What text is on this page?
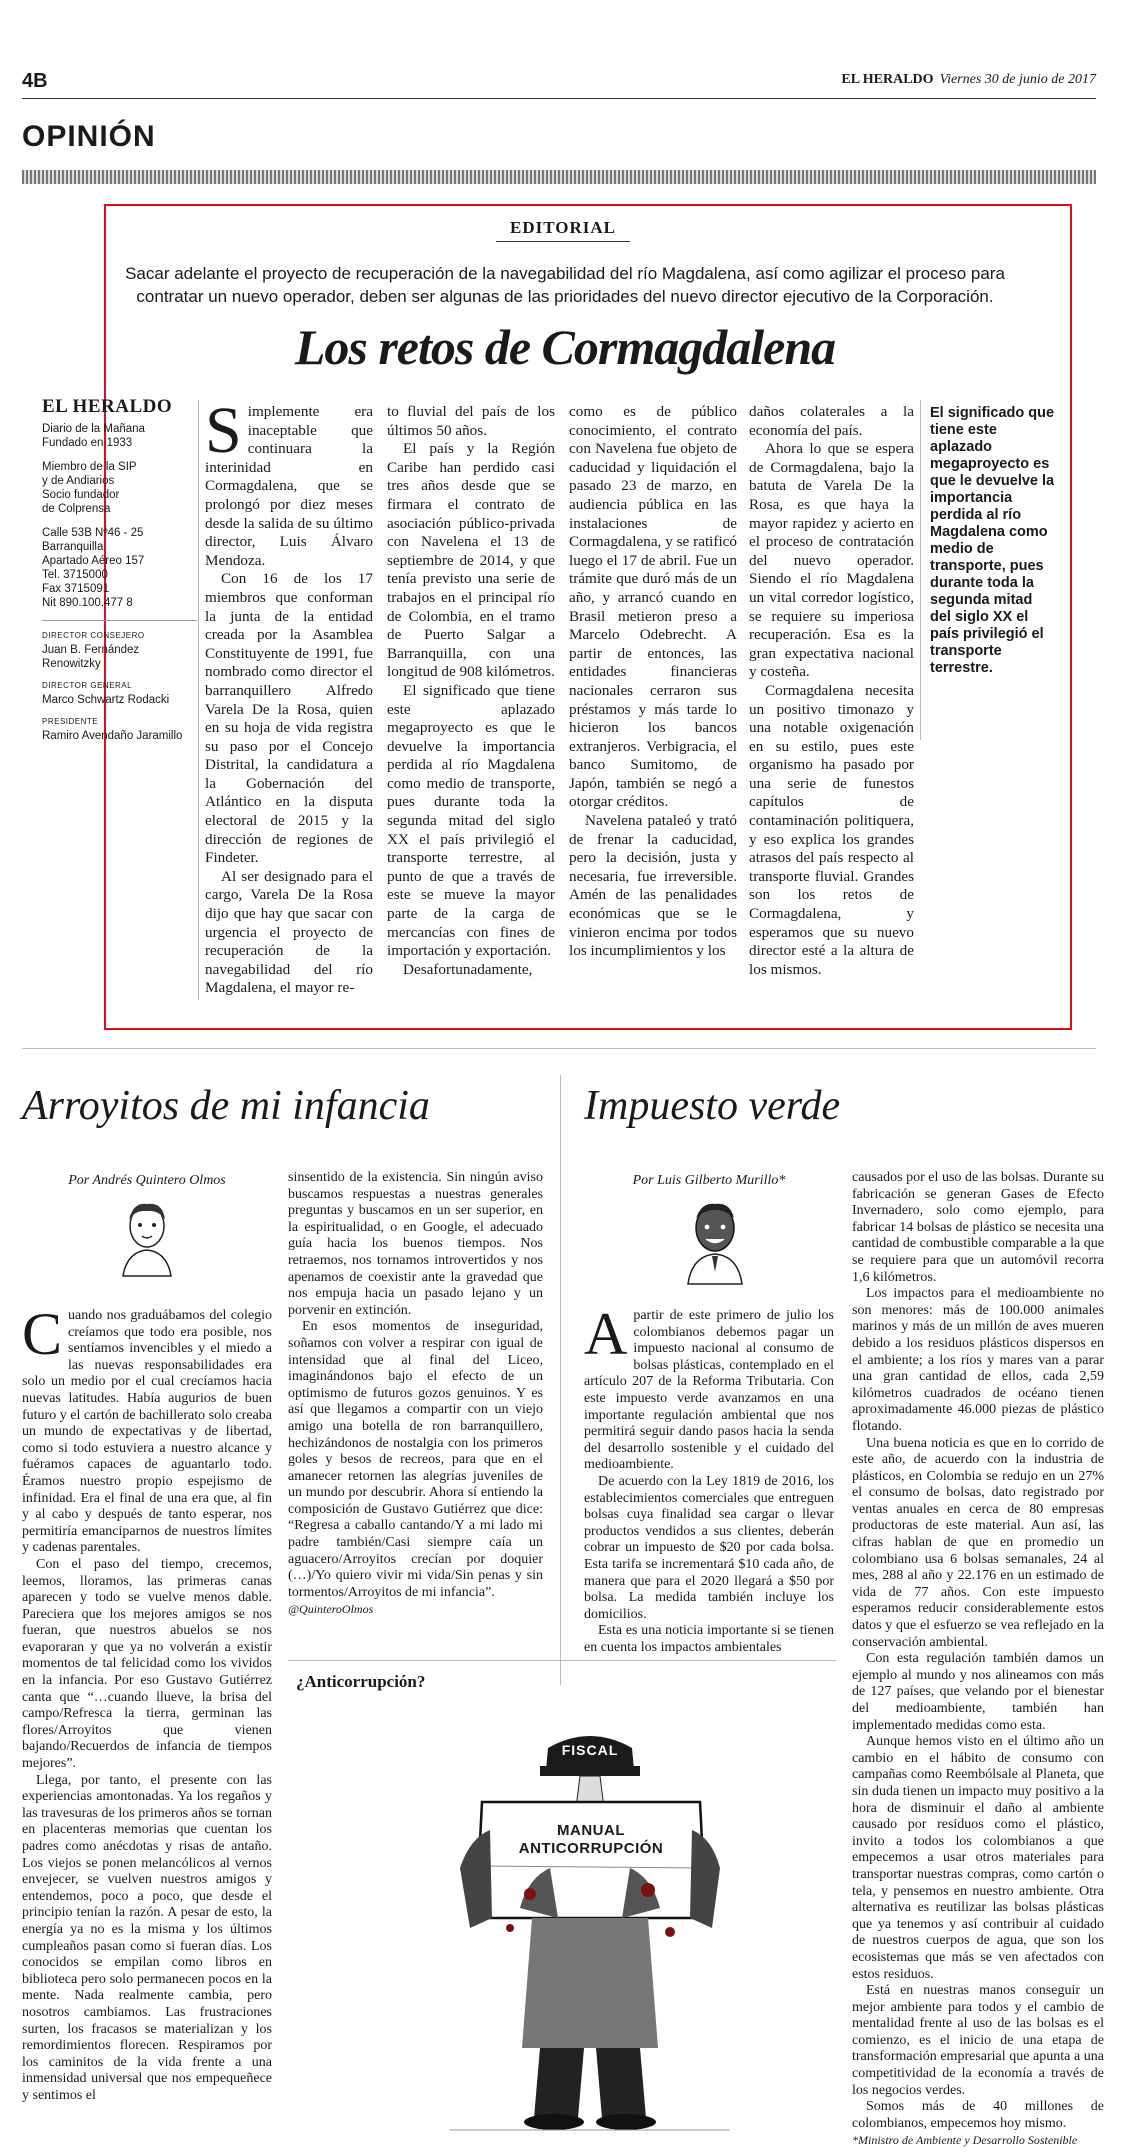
4B	EL HERALDO Viernes 30 de junio de 2017
OPINIÓN
EDITORIAL
Sacar adelante el proyecto de recuperación de la navegabilidad del río Magdalena, así como agilizar el proceso para contratar un nuevo operador, deben ser algunas de las prioridades del nuevo director ejecutivo de la Corporación.
Los retos de Cormagdalena
EL HERALDO

Diario de la Mañana
Fundado en 1933

Miembro de la SIP
y de Andiarios
Socio fundador
de Colprensa

Calle 53B Nº46 - 25
Barranquilla
Apartado Aéreo 157
Tel. 3715000
Fax 3715091
Nit 890.100.477 8

DIRECTOR CONSEJERO
Juan B. Fernández Renowitzky
DIRECTOR GENERAL
Marco Schwartz Rodacki
PRESIDENTE
Ramiro Avendaño Jaramillo

Simplemente era inaceptable que continuara la interinidad en Cormagdalena, que se prolongó por diez meses desde la salida de su último director, Luis Álvaro Mendoza.

Con 16 de los 17 miembros que conforman la junta de la entidad creada por la Asamblea Constituyente de 1991, fue nombrado como director el barranquillero Alfredo Varela De la Rosa, quien en su hoja de vida registra su paso por el Concejo Distrital, la candidatura a la Gobernación del Atlántico en la disputa electoral de 2015 y la dirección de regiones de Findeter.

Al ser designado para el cargo, Varela De la Rosa dijo que hay que sacar con urgencia el proyecto de recuperación de la navegabilidad del río Magdalena, el mayor re-

to fluvial del país de los últimos 50 años.

El país y la Región Caribe han perdido casi tres años desde que se firmara el contrato de asociación público-privada con Navelena el 13 de septiembre de 2014, y que tenía previsto una serie de trabajos en el principal río de Colombia, en el tramo de Puerto Salgar a Barranquilla, con una longitud de 908 kilómetros.

El significado que tiene este aplazado megaproyecto es que le devuelve la importancia perdida al río Magdalena como medio de transporte, pues durante toda la segunda mitad del siglo XX el país privilegió el transporte terrestre, al punto de que a través de este se mueve la mayor parte de la carga de mercancías con fines de importación y exportación.

Desafortunadamente,

como es de público conocimiento, el contrato con Navelena fue objeto de caducidad y liquidación el pasado 23 de marzo, en audiencia pública en las instalaciones de Cormagdalena, y se ratificó luego el 17 de abril. Fue un trámite que duró más de un año, y arrancó cuando en Brasil metieron preso a Marcelo Odebrecht. A partir de entonces, las entidades financieras nacionales cerraron sus préstamos y más tarde lo hicieron los bancos extranjeros. Verbigracia, el banco Sumitomo, de Japón, también se negó a otorgar créditos.

Navelena pataleó y trató de frenar la caducidad, pero la decisión, justa y necesaria, fue irreversible. Amén de las penalidades económicas que se le vinieron encima por todos los incumplimientos y los

daños colaterales a la economía del país.

Ahora lo que se espera de Cormagdalena, bajo la batuta de Varela De la Rosa, es que haya la mayor rapidez y acierto en el proceso de contratación del nuevo operador. Siendo el río Magdalena un vital corredor logístico, se requiere su imperiosa recuperación. Esa es la gran expectativa nacional y costeña.

Cormagdalena necesita un positivo timonazo y una notable oxigenación en su estilo, pues este organismo ha pasado por una serie de funestos capítulos de contaminación politiquera, y eso explica los grandes atrasos del país respecto al transporte fluvial. Grandes son los retos de Cormagdalena, y esperamos que su nuevo director esté a la altura de los mismos.

El significado que tiene este aplazado megaproyecto es que le devuelve la importancia perdida al río Magdalena como medio de transporte, pues durante toda la segunda mitad del siglo XX el país privilegió el transporte terrestre.
Arroyitos de mi infancia
Por Andrés Quintero Olmos

Cuando nos graduábamos del colegio creíamos que todo era posible, nos sentíamos invencibles y el miedo a las nuevas responsabilidades era solo un medio por el cual crecíamos hacia nuevas latitudes. Había augurios de buen futuro y el cartón de bachillerato solo creaba un mundo de expectativas y de libertad, como si todo estuviera a nuestro alcance y fuéramos capaces de aguantarlo todo. Éramos nuestro propio espejismo de infinidad. Era el final de una era que, al fin y al cabo y después de tanto esperar, nos permitiría emanciparnos de nuestros límites y cadenas parentales.

Con el paso del tiempo, crecemos, leemos, lloramos, las primeras canas aparecen y todo se vuelve menos dable. Pareciera que los mejores amigos se nos fueran, que nuestros abuelos se nos evaporaran y que ya no volverán a existir momentos de tal felicidad como los vividos en la infancia. Por eso Gustavo Gutiérrez canta que “…cuando llueve, la brisa del campo/Refresca la tierra, germinan las flores/Arroyitos que vienen bajando/Recuerdos de infancia de tiempos mejores”.

Llega, por tanto, el presente con las experiencias amontonadas. Ya los regaños y las travesuras de los primeros años se tornan en placenteras memorias que cuentan los padres como anécdotas y risas de antaño. Los viejos se ponen melancólicos al vernos envejecer, se vuelven nuestros amigos y entendemos, poco a poco, que desde el principio tenían la razón. A pesar de esto, la energía ya no es la misma y los últimos cumpleaños pasan como si fueran días. Los conocidos se empilan como libros en biblioteca pero solo permanecen pocos en la mente. Nada realmente cambia, pero nosotros cambiamos. Las frustraciones surten, los fracasos se materializan y los remordimientos florecen. Respiramos por los caminitos de la vida frente a una inmensidad universal que nos empequeñece y sentimos el

sinsentido de la existencia. Sin ningún aviso buscamos respuestas a nuestras generales preguntas y buscamos en un ser superior, en la espiritualidad, o en Google, el adecuado guía hacia los buenos tiempos. Nos retraemos, nos tornamos introvertidos y nos apenamos de coexistir ante la gravedad que nos empuja hacia un pasado lejano y un porvenir en extinción.

En esos momentos de inseguridad, soñamos con volver a respirar con igual de intensidad que al final del Liceo, imaginándonos bajo el efecto de un optimismo de futuros gozos genuinos. Y es así que llegamos a compartir con un viejo amigo una botella de ron barranquillero, hechizándonos de nostalgia con los primeros goles y besos de recreos, para que en el amanecer retornen las alegrías juveniles de un mundo por descubrir. Ahora sí entiendo la composición de Gustavo Gutiérrez que dice: “Regresa a caballo cantando/Y a mi lado mi padre también/Casi siempre caía un aguacero/Arroyitos crecían por doquier (…)/Yo quiero vivir mi vida/Sin penas y sin tormentos/Arroyitos de mi infancia”.

@QuinteroOlmos

Impuesto verde
Por Luis Gilberto Murillo*

Apartir de este primero de julio los colombianos debemos pagar un impuesto nacional al consumo de bolsas plásticas, contemplado en el artículo 207 de la Reforma Tributaria. Con este impuesto verde avanzamos en una importante regulación ambiental que nos permitirá seguir dando pasos hacia la senda del desarrollo sostenible y el cuidado del medioambiente.

De acuerdo con la Ley 1819 de 2016, los establecimientos comerciales que entreguen bolsas cuya finalidad sea cargar o llevar productos vendidos a sus clientes, deberán cobrar un impuesto de $20 por cada bolsa. Esta tarifa se incrementará $10 cada año, de manera que para el 2020 llegará a $50 por bolsa. La medida también incluye los domicilios.

Esta es una noticia importante si se tienen en cuenta los impactos ambientales

causados por el uso de las bolsas. Durante su fabricación se generan Gases de Efecto Invernadero, solo como ejemplo, para fabricar 14 bolsas de plástico se necesita una cantidad de combustible comparable a la que se requiere para que un automóvil recorra 1,6 kilómetros.

Los impactos para el medioambiente no son menores: más de 100.000 animales marinos y más de un millón de aves mueren debido a los residuos plásticos dispersos en el ambiente; a los ríos y mares van a parar una gran cantidad de ellos, cada 2,59 kilómetros cuadrados de océano tienen aproximadamente 46.000 piezas de plástico flotando.

Una buena noticia es que en lo corrido de este año, de acuerdo con la industria de plásticos, en Colombia se redujo en un 27% el consumo de bolsas, dato registrado por ventas anuales en cerca de 80 empresas productoras de este material. Aun así, las cifras hablan de que en promedio un colombiano usa 6 bolsas semanales, 24 al mes, 288 al año y 22.176 en un estimado de vida de 77 años. Con este impuesto esperamos reducir considerablemente estos datos y que el esfuerzo se vea reflejado en la conservación ambiental.

Con esta regulación también damos un ejemplo al mundo y nos alineamos con más de 127 países, que velando por el bienestar del medioambiente, también han implementado medidas como esta.

Aunque hemos visto en el último año un cambio en el hábito de consumo con campañas como Reembólsale al Planeta, que sin duda tienen un impacto muy positivo a la hora de disminuir el daño al ambiente causado por residuos como el plástico, invito a todos los colombianos a que empecemos a usar otros materiales para transportar nuestras compras, como cartón o tela, y pensemos en nuestro ambiente. Otra alternativa es reutilizar las bolsas plásticas que ya tenemos y así contribuir al cuidado de nuestros cuerpos de agua, que son los ecosistemas que más se ven afectados con estos residuos.

Está en nuestras manos conseguir un mejor ambiente para todos y el cambio de mentalidad frente al uso de las bolsas es el comienzo, es el inicio de una etapa de transformación empresarial que apunta a una competitividad de la economía a través de los negocios verdes.

Somos más de 40 millones de colombianos, empecemos hoy mismo.

*Ministro de Ambiente y Desarrollo Sostenible

¿Anticorrupción?
FISCAL
MANUAL
ANTICORRUPCIÓN
